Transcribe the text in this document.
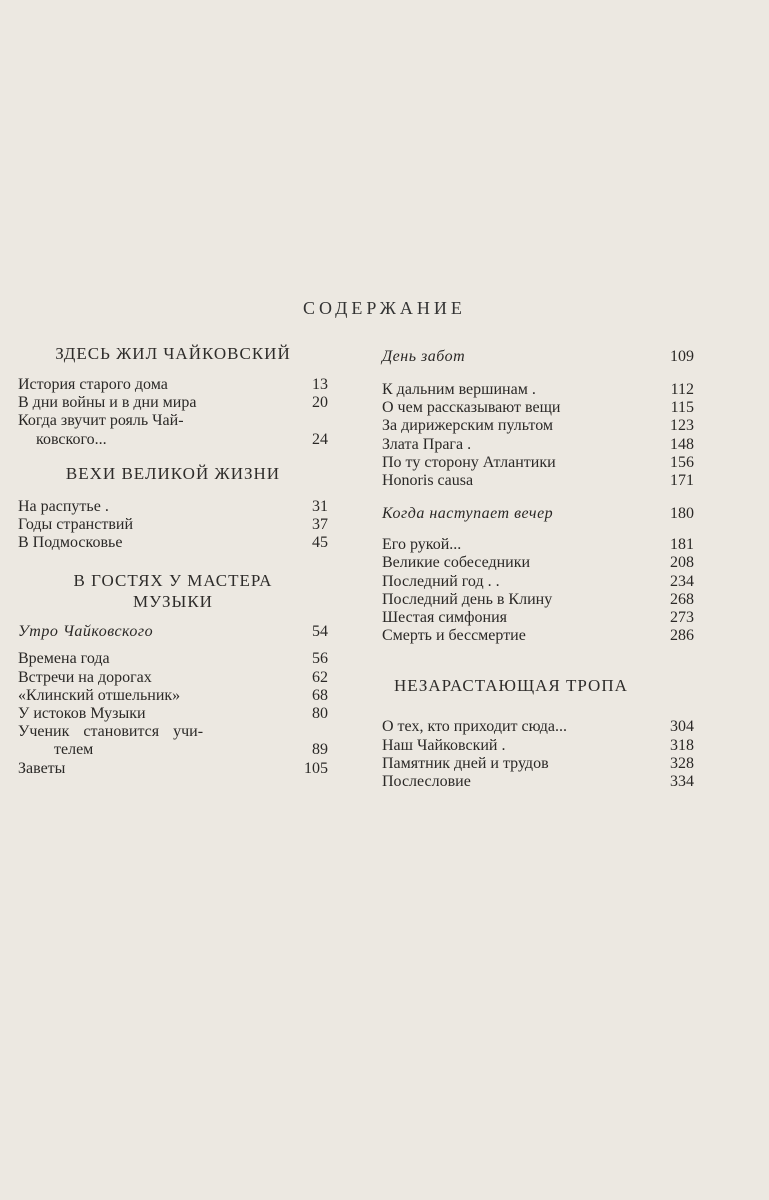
СОДЕРЖАНИЕ
ЗДЕСЬ ЖИЛ ЧАЙКОВСКИЙ
История старого дома	13
В дни войны и в дни мира	20
Когда звучит рояль Чай-
ковского...	24
ВЕХИ ВЕЛИКОЙ ЖИЗНИ
На распутье .	31
Годы странствий	37
В Подмосковье	45
В ГОСТЯХ У МАСТЕРА
МУЗЫКИ
Утро Чайковского	54
Времена года	56
Встречи на дорогах	62
«Клинский отшельник»	68
У истоков Музыки	80
Ученик становится учи-
телем	89
Заветы	105
День забот	109
К дальним вершинам .	112
О чем рассказывают вещи	115
За дирижерским пультом	123
Злата Прага .	148
По ту сторону Атлантики	156
Honoris causa	171
Когда наступает вечер	180
Его рукой...	181
Великие собеседники	208
Последний год . .	234
Последний день в Клину	268
Шестая симфония	273
Смерть и бессмертие	286
НЕЗАРАСТАЮЩАЯ ТРОПА
О тех, кто приходит сюда...	304
Наш Чайковский .	318
Памятник дней и трудов	328
Послесловие	334
